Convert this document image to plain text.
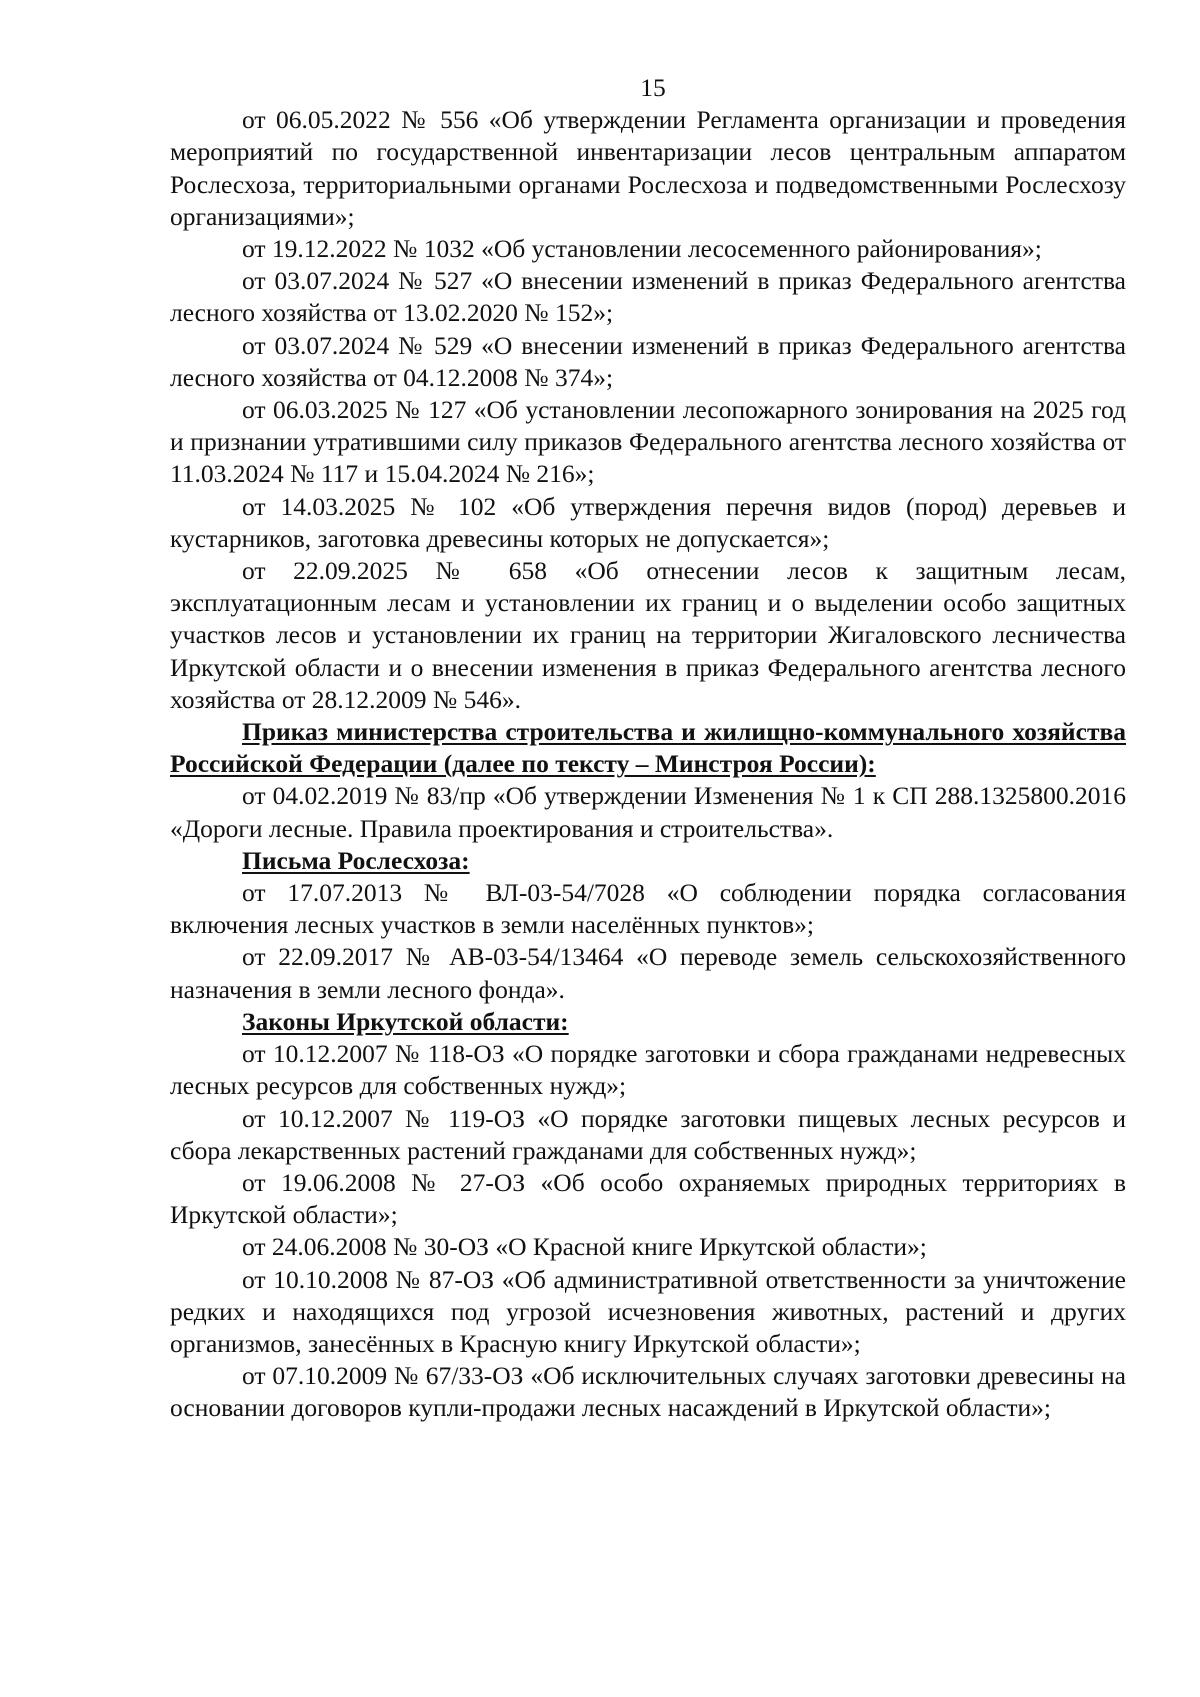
15

от 06.05.2022 № 556 «Об утверждении Регламента организации и проведения мероприятий по государственной инвентаризации лесов центральным аппаратом Рослесхоза, территориальными органами Рослесхоза и подведомственными Рослесхозу организациями»;

от 19.12.2022 № 1032 «Об установлении лесосеменного районирования»;

от 03.07.2024 № 527 «О внесении изменений в приказ Федерального агентства лесного хозяйства от 13.02.2020 № 152»;

от 03.07.2024 № 529 «О внесении изменений в приказ Федерального агентства лесного хозяйства от 04.12.2008 № 374»;

от 06.03.2025 № 127 «Об установлении лесопожарного зонирования на 2025 год и признании утратившими силу приказов Федерального агентства лесного хозяйства от 11.03.2024 № 117 и 15.04.2024 № 216»;

от 14.03.2025 № 102 «Об утверждения перечня видов (пород) деревьев и кустарников, заготовка древесины которых не допускается»;

от 22.09.2025 № 658 «Об отнесении лесов к защитным лесам, эксплуатационным лесам и установлении их границ и о выделении особо защитных участков лесов и установлении их границ на территории Жигаловского лесничества Иркутской области и о внесении изменения в приказ Федерального агентства лесного хозяйства от 28.12.2009 № 546».

Приказ министерства строительства и жилищно-коммунального хозяйства Российской Федерации (далее по тексту – Минстроя России):

от 04.02.2019 № 83/пр «Об утверждении Изменения № 1 к СП 288.1325800.2016 «Дороги лесные. Правила проектирования и строительства».

Письма Рослесхоза:

от 17.07.2013 № ВЛ-03-54/7028 «О соблюдении порядка согласования включения лесных участков в земли населённых пунктов»;

от 22.09.2017 № АВ-03-54/13464 «О переводе земель сельскохозяйственного назначения в земли лесного фонда».

Законы Иркутской области:

от 10.12.2007 № 118-ОЗ «О порядке заготовки и сбора гражданами недревесных лесных ресурсов для собственных нужд»;

от 10.12.2007 № 119-ОЗ «О порядке заготовки пищевых лесных ресурсов и сбора лекарственных растений гражданами для собственных нужд»;

от 19.06.2008 № 27-ОЗ «Об особо охраняемых природных территориях в Иркутской области»;

от 24.06.2008 № 30-ОЗ «О Красной книге Иркутской области»;

от 10.10.2008 № 87-ОЗ «Об административной ответственности за уничтожение редких и находящихся под угрозой исчезновения животных, растений и других организмов, занесённых в Красную книгу Иркутской области»;

от 07.10.2009 № 67/33-ОЗ «Об исключительных случаях заготовки древесины на основании договоров купли-продажи лесных насаждений в Иркутской области»;
